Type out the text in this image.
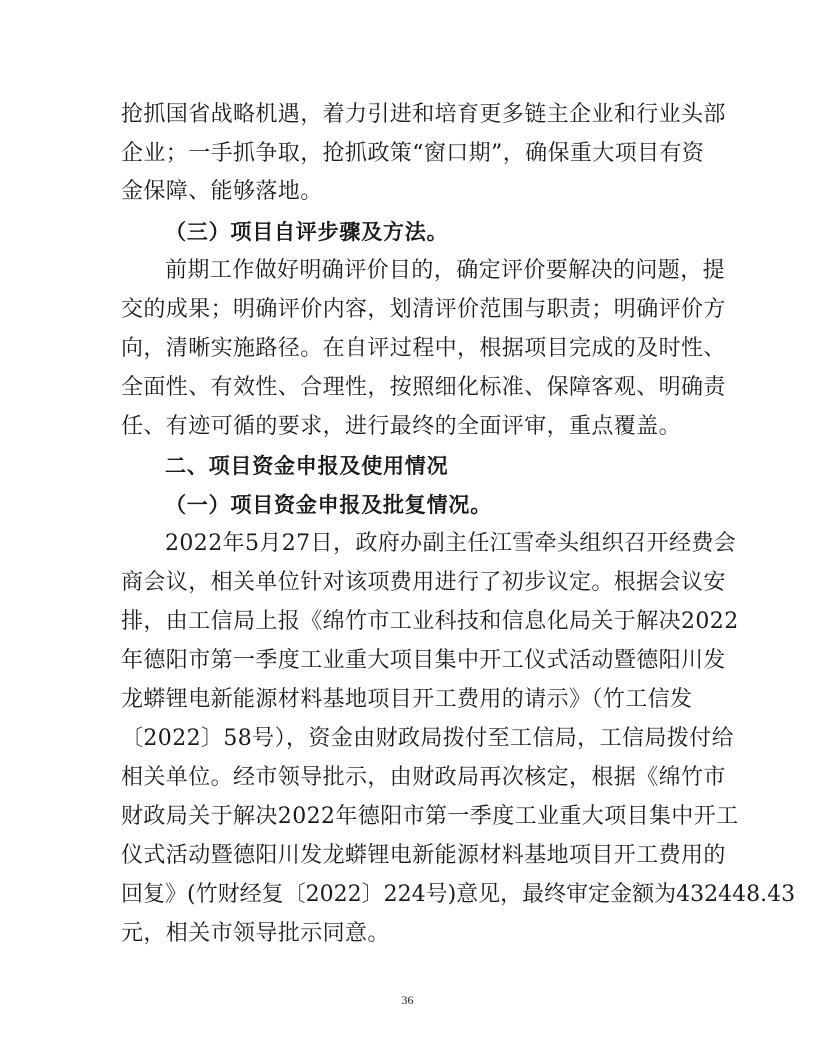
抢抓国省战略机遇，着力引进和培育更多链主企业和行业头部
企业；一手抓争取，抢抓政策“窗口期”，确保重大项目有资
金保障、能够落地。
（三）项目自评步骤及方法。
前期工作做好明确评价目的，确定评价要解决的问题，提
交的成果；明确评价内容，划清评价范围与职责；明确评价方
向，清晰实施路径。在自评过程中，根据项目完成的及时性、
全面性、有效性、合理性，按照细化标准、保障客观、明确责
任、有迹可循的要求，进行最终的全面评审，重点覆盖。
二、项目资金申报及使用情况
（一）项目资金申报及批复情况。
2022年5月27日，政府办副主任江雪牵头组织召开经费会
商会议，相关单位针对该项费用进行了初步议定。根据会议安
排，由工信局上报《绵竹市工业科技和信息化局关于解决2022
年德阳市第一季度工业重大项目集中开工仪式活动暨德阳川发
龙蟒锂电新能源材料基地项目开工费用的请示》（竹工信发
〔2022〕58号），资金由财政局拨付至工信局，工信局拨付给
相关单位。经市领导批示，由财政局再次核定，根据《绵竹市
财政局关于解决2022年德阳市第一季度工业重大项目集中开工
仪式活动暨德阳川发龙蟒锂电新能源材料基地项目开工费用的
回复》(竹财经复〔2022〕224号)意见，最终审定金额为432448.43
元，相关市领导批示同意。
36
